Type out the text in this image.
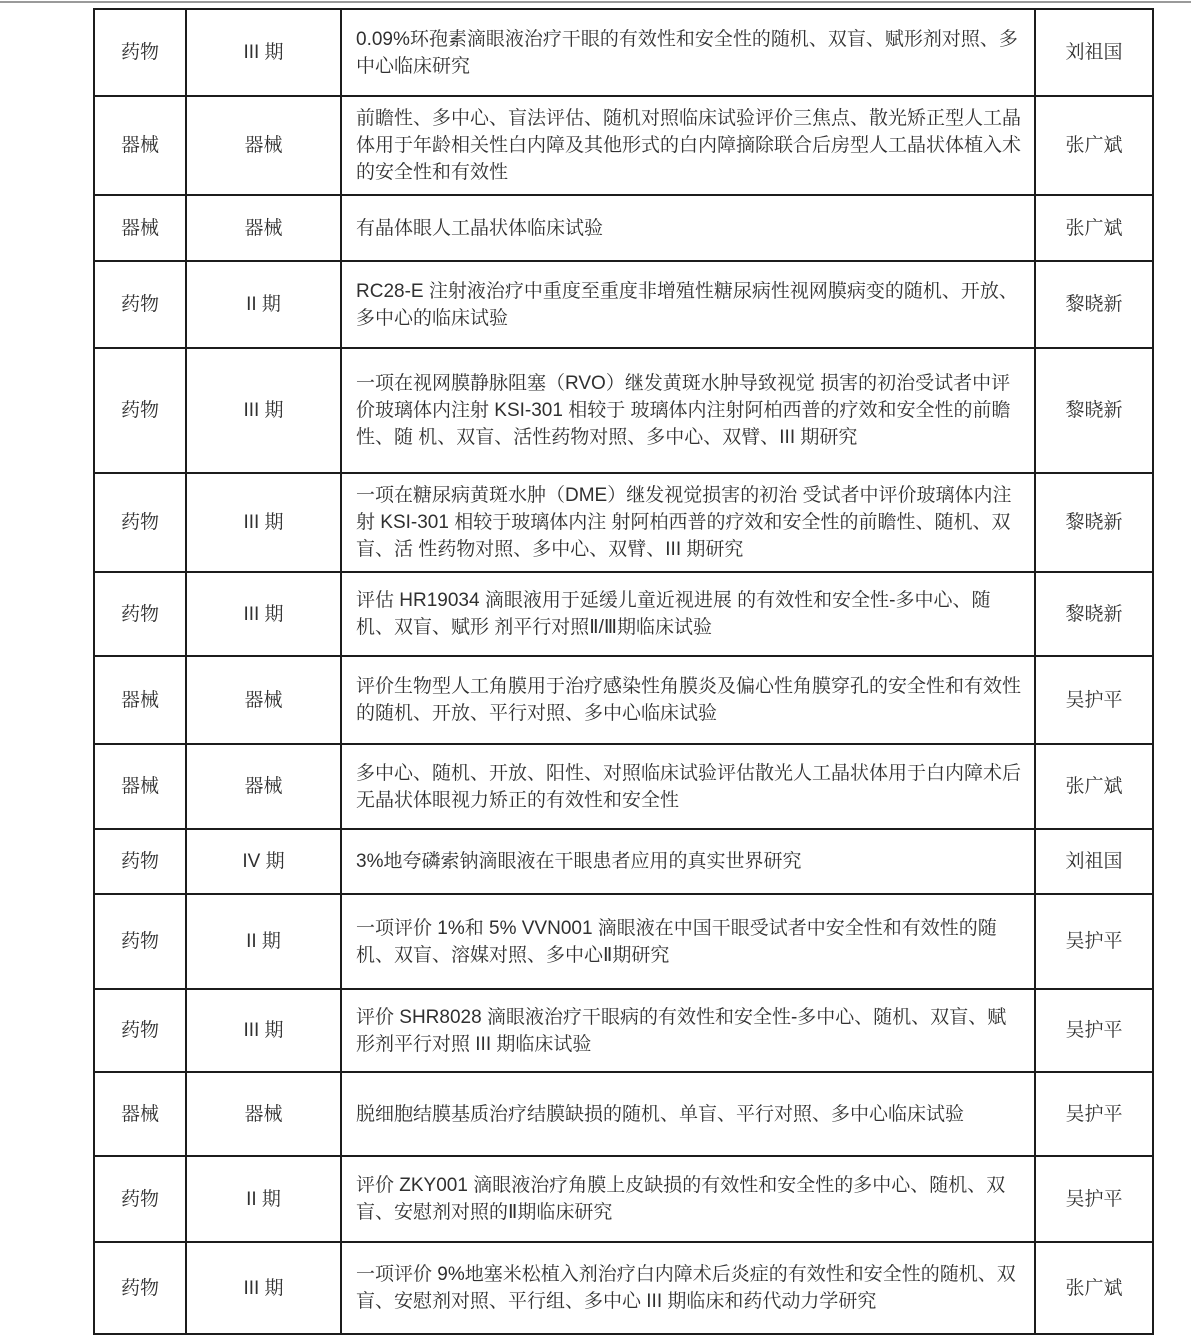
药物	III 期	0.09%环孢素滴眼液治疗干眼的有效性和安全性的随机、双盲、赋形剂对照、多中心临床研究	刘祖国
器械	器械	前瞻性、多中心、盲法评估、随机对照临床试验评价三焦点、散光矫正型人工晶体用于年龄相关性白内障及其他形式的白内障摘除联合后房型人工晶状体植入术的安全性和有效性	张广斌
器械	器械	有晶体眼人工晶状体临床试验	张广斌
药物	II 期	RC28-E 注射液治疗中重度至重度非增殖性糖尿病性视网膜病变的随机、开放、多中心的临床试验	黎晓新
药物	III 期	一项在视网膜静脉阻塞（RVO）继发黄斑水肿导致视觉 损害的初治受试者中评价玻璃体内注射 KSI-301 相较于 玻璃体内注射阿柏西普的疗效和安全性的前瞻性、随 机、双盲、活性药物对照、多中心、双臂、III 期研究	黎晓新
药物	III 期	一项在糖尿病黄斑水肿（DME）继发视觉损害的初治 受试者中评价玻璃体内注射 KSI-301 相较于玻璃体内注 射阿柏西普的疗效和安全性的前瞻性、随机、双盲、活 性药物对照、多中心、双臂、III 期研究	黎晓新
药物	III 期	评估 HR19034 滴眼液用于延缓儿童近视进展 的有效性和安全性-多中心、随机、双盲、赋形 剂平行对照Ⅱ/Ⅲ期临床试验	黎晓新
器械	器械	评价生物型人工角膜用于治疗感染性角膜炎及偏心性角膜穿孔的安全性和有效性的随机、开放、平行对照、多中心临床试验	吴护平
器械	器械	多中心、随机、开放、阳性、对照临床试验评估散光人工晶状体用于白内障术后无晶状体眼视力矫正的有效性和安全性	张广斌
药物	IV 期	3%地夸磷索钠滴眼液在干眼患者应用的真实世界研究	刘祖国
药物	II 期	一项评价 1%和 5% VVN001 滴眼液在中国干眼受试者中安全性和有效性的随机、双盲、溶媒对照、多中心Ⅱ期研究	吴护平
药物	III 期	评价 SHR8028 滴眼液治疗干眼病的有效性和安全性-多中心、随机、双盲、赋形剂平行对照 III 期临床试验	吴护平
器械	器械	脱细胞结膜基质治疗结膜缺损的随机、单盲、平行对照、多中心临床试验	吴护平
药物	II 期	评价 ZKY001 滴眼液治疗角膜上皮缺损的有效性和安全性的多中心、随机、双盲、安慰剂对照的Ⅱ期临床研究	吴护平
药物	III 期	一项评价 9%地塞米松植入剂治疗白内障术后炎症的有效性和安全性的随机、双盲、安慰剂对照、平行组、多中心 III 期临床和药代动力学研究	张广斌
